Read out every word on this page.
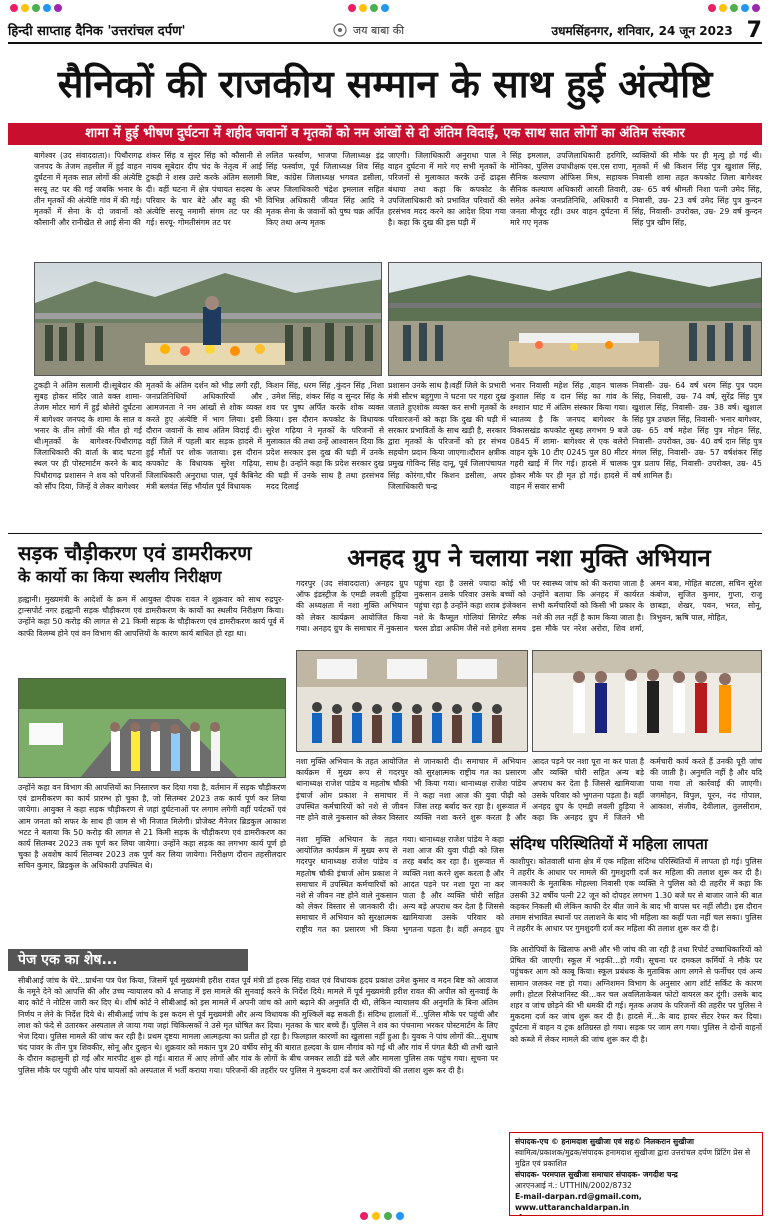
हिन्दी साप्ताह दैनिक 'उत्तरांचल दर्पण'	जय बाबा की	उधमसिंहनगर, शनिवार, 24 जून 2023 7
सैनिकों की राजकीय सम्मान के साथ हुई अंत्येष्टि
शामा में हुई भीषण दुर्घटना में शहीद जवानों व मृतकों को नम आंखों से दी अंतिम विदाई, एक साथ सात लोगों का अंतिम संस्कार
बागेश्वर (उद संवाददाता)। पिथौरागढ़ जनपद के तेजम तहसील में हुई वाहन दुर्घटना में मृतक सात लोगों की अंत्येष्टि सरयू तट पर की गई जबकि भनार के तीन मृतकों की अंत्येष्टि गांव में की गई। मृतकों में सेना के दो जवानों को कौसानी और रानीखेत से आई सेना की
शंकर सिंह व सुंदर सिंह को कौसानी से नायब सूबेदार दीप चंद के नेतृत्व में आई टुकड़ी ने शस्त्र उल्टे करके अंतिम सलामी दी। वहीं घटना में क्षेत्र पंचायत सदस्य के परिवार के चार बेटे और बहू की भी अंत्येष्टि सरयू नमामी संगम तट पर की गई। सरयू- गोमतीसंगम तट पर
ललित फर्स्वाण, भाजपा जिलाध्यक्ष इंद्र सिंह फर्स्वाण, पूर्व जिलाध्यक्ष शिव सिंह बिष्ट, कांग्रेस जिलाध्यक्ष भगवत डसीला, अपर जिलाधिकारी चंद्रेश इमलाल सहित विभिन्न अधिकारी जीयत सिंह आदि ने मृतक सेना के जवानों को पुष्प चक्र अर्पित किए तथा अन्य मृतक
जाएगी। जिलाधिकारी अनुराधा पाल ने वाहन दुर्घटना में मारे गए सभी मृतकों के परिजनों से मुलाकात करके उन्हें ढाढ़स बंधाया तथा कहा कि कपकोट के उपजिलाधिकारी को प्रभावित परिवारों की हरसंभव मदद करने का आदेश दिया गया है। कहा कि दुख की इस घड़ी में
सिंह इमलाल, उपजिलाधिकारी हरगिरि, मोनिका, पुलिस उपाधीक्षक एस.एस राणा, सैनिक कल्याण ऑफिस मिश्र, सहायक सैनिक कल्याण अधिकारी आरती तिवारी, समेत अनेक जनप्रतिनिधि, अधिकारी व जनता मौजूद रही। उधर वाहन दुर्घटना में मारे गए मृतक
व्यक्तियों की मौके पर ही मृत्यु हो गई थी। मृतकों में श्री किशन सिंह पुत्र खुशाल सिंह, निवासी शामा तहत कपकोट जिला बागेश्वर उम्र- 65 वर्ष श्रीमती निशा पत्नी उमेद सिंह, निवासी, उम्र- 23 वर्ष उमेद सिंह पुत्र कुन्दन सिंह, निवासी- उपरोक्त, उम्र- 29 वर्ष कुन्दन सिंह पुत्र खीम सिंह,
टुकड़ी ने अंतिम सलामी दी।सूबेदार की सुबह होकर मंदिर जाते वक्त शामा-तेजम मोटर मार्ग में हुई बोलेरो दुर्घटना में बागेश्वर जनपद के शामा के सात व भनार के तीन लोगों की मौत हो गई थी।मृतकों के बागेश्वर-पिथौरागढ़ जिलाधिकारी की वार्ता के बाद घटना स्थल पर ही पोस्टमार्टम करने के बाद पिथौरागढ़ प्रशासन ने शव को परिजनों को सौंप दिया, जिन्हें वे लेकर बागेश्वर
मृतकों के अंतिम दर्शन को भीड़ लगी रही, जनप्रतिनिधियों अधिकारियों और आमजनता ने नम आंखों से शोक व्यक्त करते हुए अंत्येष्टि में भाग लिया। इसी दौरान जवानों के साथ अंतिम विदाई दी।वहीं जिले में पहली बार सड़क हादसे में हुई मौतों पर शोक जताया। इस दौरान कपकोट के विधायक सुरेश गढ़िया, जिलाधिकारी अनुराधा पाल, पूर्व कैबिनेट मंत्री बलवंत सिंह भौर्याल पूर्व विधायक
किशन सिंह, धरम सिंह ,कुंदन सिंह ,निशा , उमेश सिंह, शंकर सिंह व सुन्दर सिंह के शव पर पुष्प अर्पित करके शोक व्यक्त किया। इस दौरान कपकोट के विधायक सुरेश गढ़िया ने मृतकों के परिजनों से मुलाकात की तथा उन्हें आश्वासन दिया कि प्रदेश सरकार इस दुख की घड़ी में उनके साथ है। उन्होंने कहा कि प्रदेश सरकार दुख की घड़ी में उनके साथ है तथा हरसंभव मदद दिलाई
प्रशासन उनके साथ है।वहीं जिले के प्रभारी मंत्री सौरभ बहुगुणा ने घटना पर गहरा दुख जताते हुएशोक व्यक्त कर सभी मृतकों के परिवारजनों को कहा कि दुख की घड़ी में सरकार प्रभावितों के साथ खड़ी है, सरकार द्वारा मृतकों के परिजनों को हर संभव सहयोग प्रदान किया जाएगा।दौरान क्षत्रीक प्रमुख गोविन्द सिंह दानू, पूर्व जिलापंचायत सिंह कोरंगा,चौर किशन डसीला, अपर जिलाधिकारी चन्द्र
भनार निवासी महेश सिंह ,वाहन चालक कुशाल सिंह व दान सिंह का गांव के श्मशान घाट में अंतिम संस्कार किया गया। ध्यातव्य है कि जनपद बागेश्वर के विकासखंड कपकोट सुबह लगभग 9 बजे 0845 में शामा- बागेश्वर से एक बलेरो वाहन यूके 10 टीए 0245 पुल 80 मीटर गहरी खाई में गिर गई। हादसे में चालक होकर मौके पर ही मृत हो गई। हादसे में वाहन में सवार सभी
निवासी- उम्र- 64 वर्ष धरम सिंह पुत्र पदम सिंह, निवासी, उम्र- 74 वर्ष, सुरेंद्र सिंह पुत्र खुशाल सिंह, निवासी- उम्र- 38 वर्ष। खुशाल सिंह पुत्र उच्छल सिंह, निवासी- भनार बागेश्वर, उम्र- 65 वर्ष महेश सिंह पुत्र मोहन सिंह, निवासी- उपरोक्त, उम्र- 40 वर्ष दान सिंह पुत्र मंगल सिंह, निवासी- उम्र- 57 वर्षशंकर सिंह पुत्र प्रताप सिंह, निवासी- उपरोक्त, उम्र- 45 वर्ष शामिल हैं।
सड़क चौड़ीकरण एवं डामरीकरण
के कार्यो का किया स्थलीय निरीक्षण
हल्द्वानी। मुख्यमंत्री के आदेशों के क्रम में आयुक्त दीपक रावत ने शुक्रवार को साथ रुद्रपुर- ट्रान्सपोर्ट नगर हल्द्वानी सड़क चौड़ीकरण एवं डामरीकरण के कार्यो का स्थलीय निरीक्षण किया। उन्होंने कहा 50 करोड़ की लागत से 21 किमी सड़क के चौड़ीकरण एवं डामरीकरण कार्य पूर्व में काफी विलम्ब होने एवं वन विभाग की आपत्तियों के कारण कार्य बाधित हो रहा था।
उन्होंने कहा वन विभाग की आपत्तियों का निस्तारण कर दिया गया है, वर्तमान में सड़क चौड़ीकरण एवं डामरीकरण का कार्य प्रारम्भ हो चुका है, जो सितम्बर 2023 तक कार्य पूर्ण कर लिया जायेगा। आयुक्त ने कहा सड़क चौड़ीकरण से जहां दुर्घटनाओं पर लगाम लगेगी वहीं पर्यटकों एवं आम जनता को सफर के साथ ही जाम से भी निजात मिलेगी। प्रोजेक्ट मैनेजर ब्रिडकुल आकाश भटट ने बताया कि 50 करोड़ की लागत से 21 किमी सड़क के चौड़ीकरण एवं डामरीकरण का कार्य सितम्बर 2023 तक पूर्ण कर लिया जायेगा। उन्होंने कहा सड़क का लगभग कार्य पूर्ण हो चुका है अवशेष कार्य सितम्बर 2023 तक पूर्ण कर लिया जायेगा। निरीक्षण दौरान तहसीलदार सचिन कुमार, ब्रिडकुल के अधिकारी उपस्थित थे।
पेज एक का शेष...
सीबीआई जांच के घेरे...प्रार्थना पत्र पेश किया, जिसमें पूर्व मुख्यमंत्री हरीश रावत पूर्व मंत्री डॉ हरक सिंह रावत एवं विधायक हृदय प्रकाश उमेश कुमार व मदन बिष्ट को आवाज के नमूने देने को आपत्ति की और उच्च न्यायालय को 4 सप्ताह में इस मामले की सुनवाई करने के निर्देश दिये। मामले में पूर्व मुख्यमंत्री हरीश रावत की अपील को सुनवाई के बाद कोर्ट ने नोटिस जारी कर दिए थे। शीर्ष कोर्ट ने सीबीआई को इस मामले में अपनी जांच को आगे बढ़ाने की अनुमति दी थी, लेकिन न्यायालय की अनुमति के बिना अंतिम निर्णय न लेने के निर्देश दिये थे। सीबीआई जांच के इस कदम से पूर्व मुख्यमंत्री और अन्य विधायक की मुश्किलें बढ़ सकती हैं। संदिग्ध हालातों में...पुलिस मौके पर पहुंची और लाश को फंदे से उतारकर अस्पताल ले जाया गया जहां चिकित्सकों ने उसे मृत घोषित कर दिया। मृतका के चार बच्चे हैं। पुलिस ने शव का पंचनामा भरकर पोस्टमार्टम के लिए भेज दिया। पुलिस मामले की जांच कर रही है। प्रथम दृष्टया मामला आत्महत्या का प्रतीत हो रहा है। फिलहाल कारणों का खुलासा नहीं हुआ है। युवक ने पांच लोगों की...सुधाष चंद पावर के तीन पुत्र शिवकीर, सोनू और दुल्हन थे। शुक्रवार को मकान पुत्र 20 वर्षीय सोनू की बारात हल्दवा के ग्राम नौगांव को गई थी और गांव में पंगत बैठी थी तभी खाने के दौरान कहासुनी हो गई और मारपीट शुरू हो गई। बारात में आए लोगों और गांव के लोगों के बीच जमकर लाठी डंडे चले और मामला पुलिस तक पहुंच गया। सूचना पर पुलिस मौके पर पहुंची और पांच घायलों को अस्पताल में भर्ती कराया गया। परिजनों की तहरीर पर पुलिस ने मुकदमा दर्ज कर आरोपियों की तलाश शुरू कर दी है।
अनहद ग्रुप ने चलाया नशा मुक्ति अभियान
गदरपुर (उद संवाददाता) अनहद ग्रुप ऑफ इंडस्ट्रीज के एमडी लवली हुड़िया की अध्यक्षता में नशा मुक्ति अभियान को लेकर कार्यक्रम आयोजित किया गया। अनहद ग्रुप के समाचार में नुकसान पहुंचा रहा है उससे ज्यादा कोई भी नुकसान उसके परिवार उसके बच्चों को पहुंचा रहा है उन्होंने कहा शराब इंजेक्शन नशे के कैप्सूल गोलियां सिगरेट स्मैक चरस डोडा अफीम जैसे नशे हमेशा समय पर स्वास्थ्य जांच को की कराया जाता है उन्होंने बताया कि अनहद में कार्यरत सभी कर्मचारियों को किसी भी प्रकार के नशे की लत नहीं है काम किया जाता है। इस मौके पर नरेश अरोरा, शिव शर्मा, अमन बत्रा, मोहित बाटला, सचिन सुरेश कंबोज, सुजित कुमार, गुप्ता, राजू छाबड़ा, शेखर, पवन, भरत, सोनू, त्रिभुवन, ऋषि पाल, मोहित,
नशा मुक्ति अभियान के तहत आयोजित कार्यक्रम में मुख्य रूप से गदरपुर थानाध्यक्ष राजेश पांडेय व महतोष चौकी इंचार्ज ओम प्रकाश ने समाचार में उपस्थित कर्मचारियों को नशे से जीवन नष्ट होने वाले नुकसान को लेकर विस्तार से जानकारी दी। समाचार में अभियान को सुरक्षात्मक राष्ट्रीय गत का प्रसारण भी किया गया। थानाध्यक्ष राजेश पांडेय ने कहा नशा आज की युवा पीढ़ी को जिस तरह बर्बाद कर रहा है। शुरूवात में व्यक्ति नशा करने शुरू करता है और आदत पड़ने पर नशा पूरा ना कर पाता है और व्यक्ति चोरी सहित अन्य बड़े अपराध कर देता है जिससे खामियाजा उसके परिवार को भुगतना पड़ता है। वहीं अनहद ग्रुप के एमडी लवली हुड़िया ने कहा कि अनहद ग्रुप में जितने भी कर्मचारी कार्य करते हैं उनकी पूरी जांच की जाती है। अनुमति नहीं है और यदि पाया गया तो कार्रवाई की जाएगी। जगमोहन, विपुल, पूरन, नंद गोपाल, आकाश, संजीव, देवीलाल, तुलसीराम,
संदिग्ध परिस्थितियों में महिला लापता
काशीपुर। कोतवाली थाना क्षेत्र में एक महिला संदिग्ध परिस्थितियों में लापता हो गई। पुलिस ने तहरीर के आधार पर मामले की गुमशुदगी दर्ज कर महिला की तलाश शुरू कर दी है। जानकारी के मुताबिक मोहल्ला निवासी एक व्यक्ति ने पुलिस को दी तहरीर में कहा कि उसकी 32 वर्षीय पत्नी 22 जून को दोपहर लगभग 1.30 बजे घर से बाजार जाने की बात कहकर निकली थी लेकिन काफी देर बीत जाने के बाद भी वापस घर नहीं लौटी। इस दौरान तमाम संभावित स्थानों पर तलाशने के बाद भी महिला का कहीं पता नहीं चल सका। पुलिस ने तहरीर के आधार पर गुमशुदगी दर्ज कर महिला की तलाश शुरू कर दी है।
कि आरोपियों के खिलाफ अभी और भी जांच की जा रही है तथा रिपोर्ट उच्चाधिकारियों को प्रेषित की जाएगी। स्कूल में भड़की...हो गयी। सूचना पर दमकल कर्मियों ने मौके पर पहुंचकर आग को काबू किया। स्कूल प्रबंधक के मुताबिक आग लगने से फर्नीचर एवं अन्य सामान जलकर नष्ट हो गया। अग्निशमन विभाग के अनुसार आग शॉर्ट सर्किट के कारण लगी। होटल रिसेप्शनिस्ट की...कर चल अवलिताकेबल फोटो वायरल कर दूंगी। उसके बाद शहर व जांच छोड़ने की भी धमकी दी गई। मृतक अजय के परिजनों की तहरीर पर पुलिस ने मुकदमा दर्ज कर जांच शुरू कर दी है। हादसे में...के बाद हायर सेंटर रेफर कर दिया। दुर्घटना में वाहन व ट्रक क्षतिग्रस्त हो गया। सड़क पर जाम लग गया। पुलिस ने दोनों वाहनों को कब्जे में लेकर मामले की जांच शुरू कर दी है।
नशा मुक्ति अभियान के तहत आयोजित कार्यक्रम में मुख्य रूप से गदरपुर थानाध्यक्ष राजेश पांडेय व महतोष चौकी इंचार्ज ओम प्रकाश ने समाचार में उपस्थित कर्मचारियों को नशे से जीवन नष्ट होने वाले नुकसान को लेकर विस्तार से जानकारी दी। समाचार में अभियान को सुरक्षात्मक राष्ट्रीय गत का प्रसारण भी किया गया। थानाध्यक्ष राजेश पांडेय ने कहा नशा आज की युवा पीढ़ी को जिस तरह बर्बाद कर रहा है। शुरूवात में व्यक्ति नशा करने शुरू करता है और आदत पड़ने पर नशा पूरा ना कर पाता है और व्यक्ति चोरी सहित अन्य बड़े अपराध कर देता है जिससे खामियाजा उसके परिवार को भुगतना पड़ता है। वहीं अनहद ग्रुप
संपादक-एच © हनामदाश सुखीजा एवं सह© निलकरान सुखीजा
स्वामित्व/प्रकाशक/मुद्रक/संपादक हनामदाश सुखीजा द्वारा उत्तरांचल दर्पण प्रिंटिंग प्रेस से मुद्रित एवं प्रकाशित
संपादक- परमपाल सुखीजा समाचार संपादक- जगदीश चन्द्र
आरएनआई नं.: UTTHIN/2002/8732
E-mail-darpan.rd@gmail.com, www.uttaranchaldarpan.in
